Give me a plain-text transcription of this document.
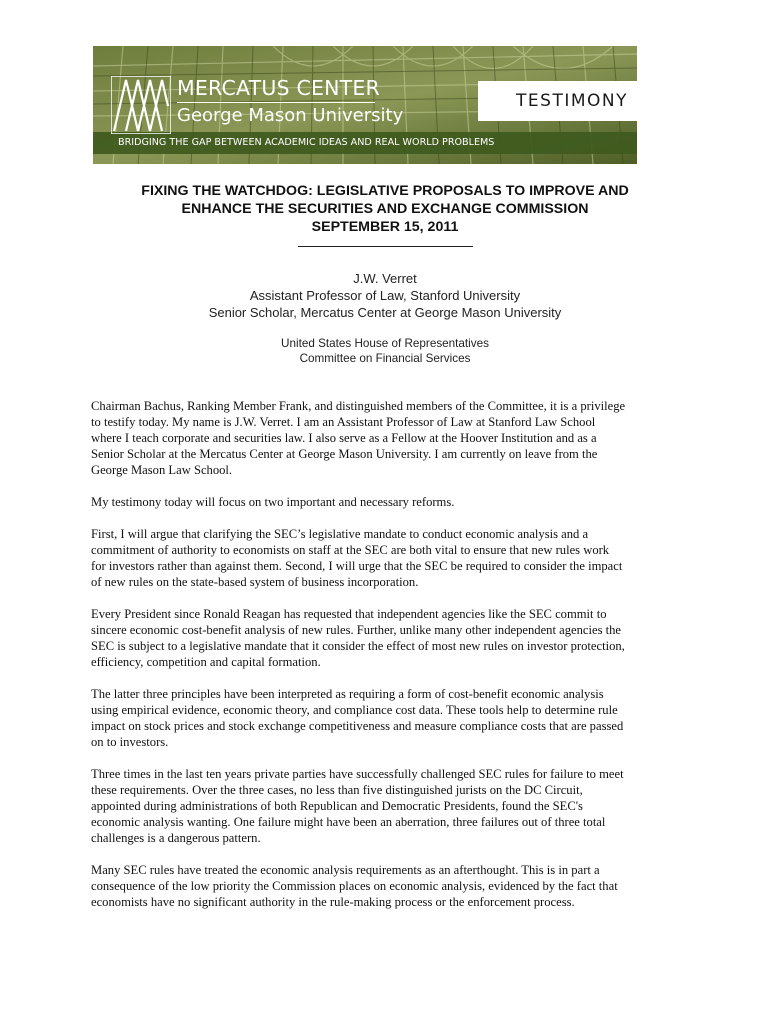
MERCATUS CENTER
George Mason University
TESTIMONY
BRIDGING THE GAP BETWEEN ACADEMIC IDEAS AND REAL WORLD PROBLEMS
FIXING THE WATCHDOG: LEGISLATIVE PROPOSALS TO IMPROVE AND
ENHANCE THE SECURITIES AND EXCHANGE COMMISSION
SEPTEMBER 15, 2011
J.W. Verret
Assistant Professor of Law, Stanford University
Senior Scholar, Mercatus Center at George Mason University
United States House of Representatives
Committee on Financial Services

Chairman Bachus, Ranking Member Frank, and distinguished members of the Committee, it is a privilege
to testify today. My name is J.W. Verret. I am an Assistant Professor of Law at Stanford Law School
where I teach corporate and securities law. I also serve as a Fellow at the Hoover Institution and as a
Senior Scholar at the Mercatus Center at George Mason University. I am currently on leave from the
George Mason Law School.

My testimony today will focus on two important and necessary reforms.

First, I will argue that clarifying the SEC’s legislative mandate to conduct economic analysis and a
commitment of authority to economists on staff at the SEC are both vital to ensure that new rules work
for investors rather than against them. Second, I will urge that the SEC be required to consider the impact
of new rules on the state-based system of business incorporation.

Every President since Ronald Reagan has requested that independent agencies like the SEC commit to
sincere economic cost-benefit analysis of new rules. Further, unlike many other independent agencies the
SEC is subject to a legislative mandate that it consider the effect of most new rules on investor protection,
efficiency, competition and capital formation.

The latter three principles have been interpreted as requiring a form of cost-benefit economic analysis
using empirical evidence, economic theory, and compliance cost data. These tools help to determine rule
impact on stock prices and stock exchange competitiveness and measure compliance costs that are passed
on to investors.

Three times in the last ten years private parties have successfully challenged SEC rules for failure to meet
these requirements. Over the three cases, no less than five distinguished jurists on the DC Circuit,
appointed during administrations of both Republican and Democratic Presidents, found the SEC's
economic analysis wanting. One failure might have been an aberration, three failures out of three total
challenges is a dangerous pattern.

Many SEC rules have treated the economic analysis requirements as an afterthought. This is in part a
consequence of the low priority the Commission places on economic analysis, evidenced by the fact that
economists have no significant authority in the rule-making process or the enforcement process.
